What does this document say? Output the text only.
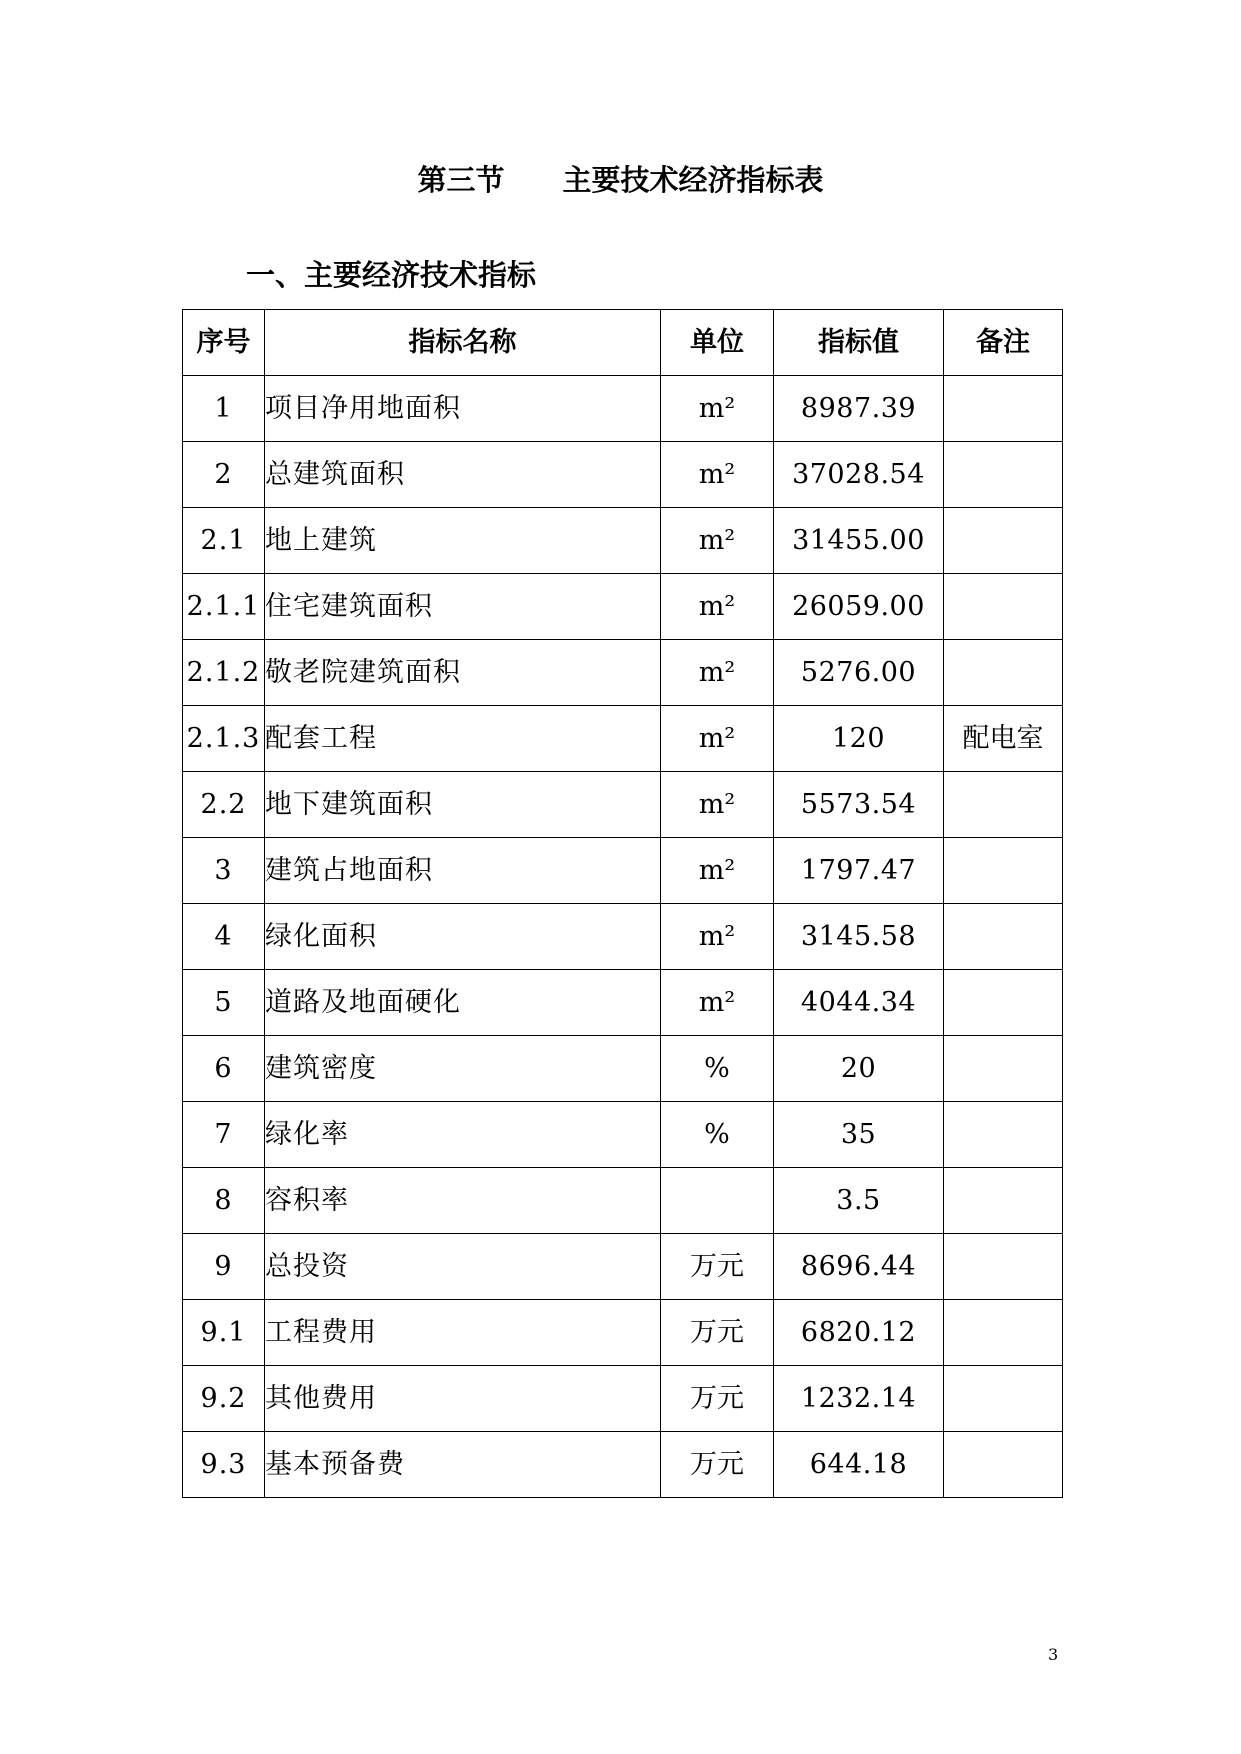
第三节　　主要技术经济指标表
一、主要经济技术指标
序号	指标名称	单位	指标值	备注
1	项目净用地面积	m²	8987.39	
2	总建筑面积	m²	37028.54	
2.1	地上建筑	m²	31455.00	
2.1.1	住宅建筑面积	m²	26059.00	
2.1.2	敬老院建筑面积	m²	5276.00	
2.1.3	配套工程	m²	120	配电室
2.2	地下建筑面积	m²	5573.54	
3	建筑占地面积	m²	1797.47	
4	绿化面积	m²	3145.58	
5	道路及地面硬化	m²	4044.34	
6	建筑密度	%	20	
7	绿化率	%	35	
8	容积率		3.5	
9	总投资	万元	8696.44	
9.1	工程费用	万元	6820.12	
9.2	其他费用	万元	1232.14	
9.3	基本预备费	万元	644.18	
3
